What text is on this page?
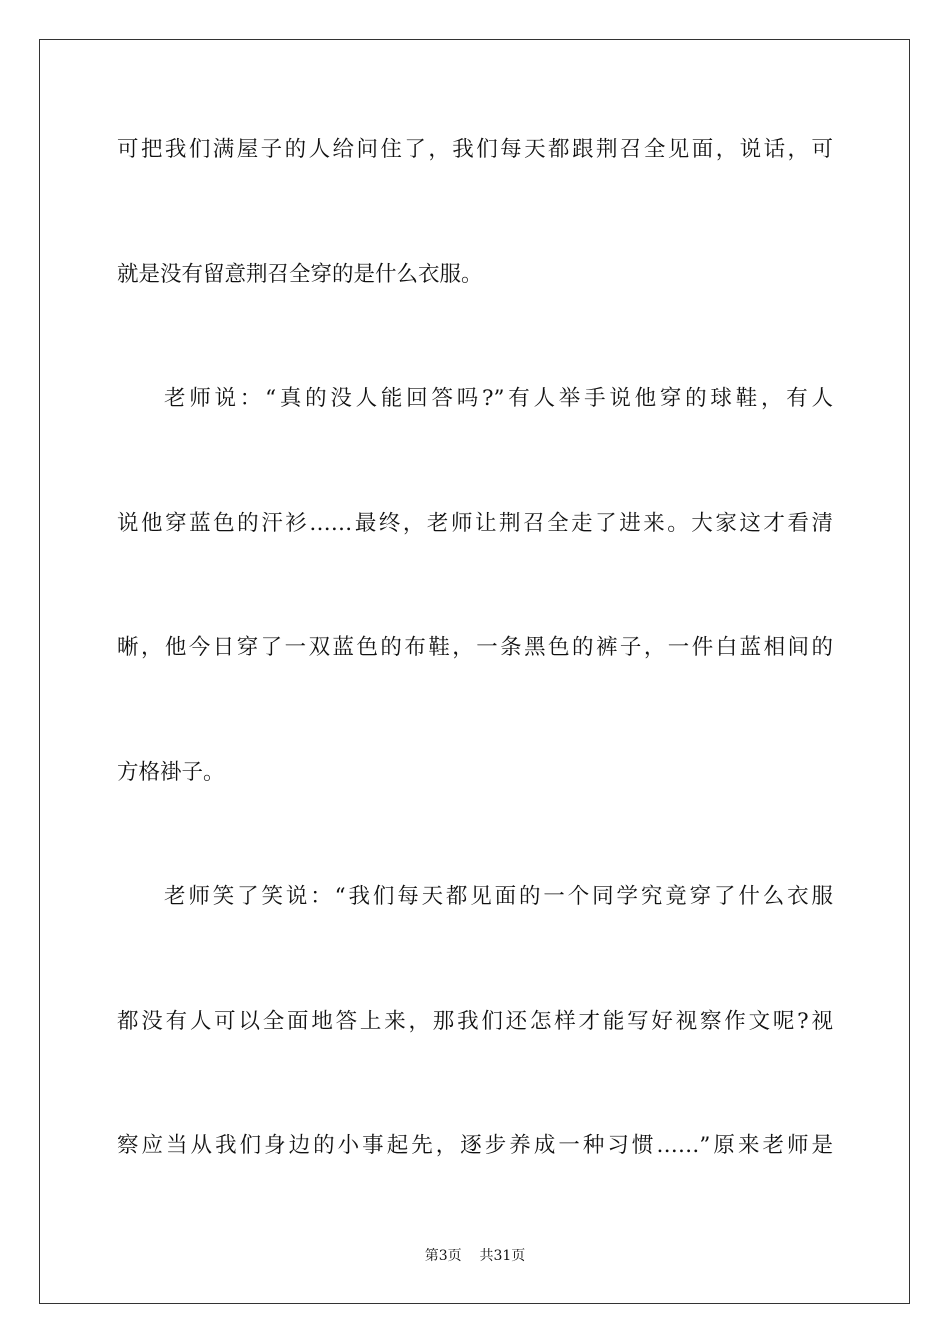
可把我们满屋子的人给问住了，我们每天都跟荆召全见面，说话，可
就是没有留意荆召全穿的是什么衣服。
老师说：“真的没人能回答吗?”有人举手说他穿的球鞋，有人
说他穿蓝色的汗衫……最终，老师让荆召全走了进来。大家这才看清
晰，他今日穿了一双蓝色的布鞋，一条黑色的裤子，一件白蓝相间的
方格褂子。
老师笑了笑说：“我们每天都见面的一个同学究竟穿了什么衣服
都没有人可以全面地答上来，那我们还怎样才能写好视察作文呢?视
察应当从我们身边的小事起先，逐步养成一种习惯……”原来老师是
第3页    共31页
